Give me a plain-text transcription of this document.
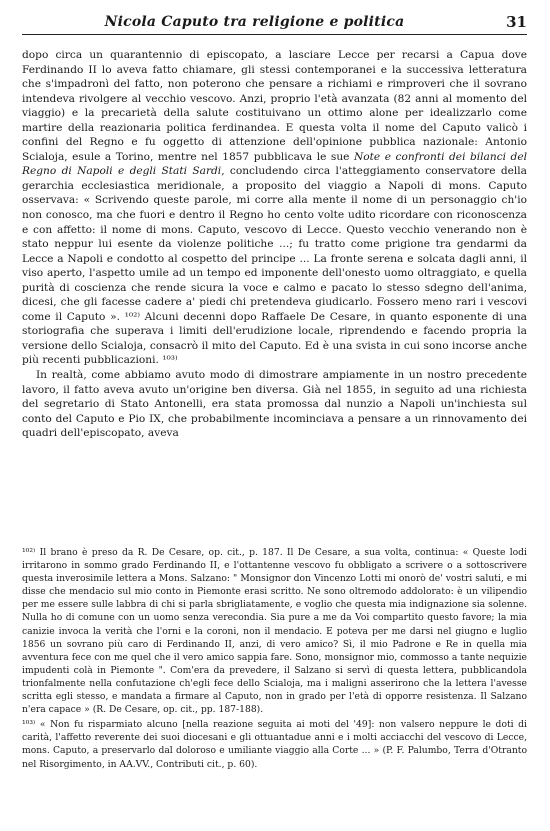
Nicola Caputo tra religione e politica	31

dopo circa un quarantennio di episcopato, a lasciare Lecce per recarsi a Capua dove Ferdinando II lo aveva fatto chiamare, gli stessi contemporanei e la successiva letteratura che s'impadronì del fatto, non poterono che pensare a richiami e rimproveri che il sovrano intendeva rivolgere al vecchio vescovo. Anzi, proprio l'età avanzata (82 anni al momento del viaggio) e la precarietà della salute costituivano un ottimo alone per idealizzarlo come martire della reazionaria politica ferdinandea. E questa volta il nome del Caputo valicò i confini del Regno e fu oggetto di attenzione dell'opinione pubblica nazionale: Antonio Scialoja, esule a Torino, mentre nel 1857 pubblicava le sue Note e confronti dei bilanci del Regno di Napoli e degli Stati Sardi, concludendo circa l'atteggiamento conservatore della gerarchia ecclesiastica meridionale, a proposito del viaggio a Napoli di mons. Caputo osservava: « Scrivendo queste parole, mi corre alla mente il nome di un personaggio ch'io non conosco, ma che fuori e dentro il Regno ho cento volte udito ricordare con riconoscenza e con affetto: il nome di mons. Caputo, vescovo di Lecce. Questo vecchio venerando non è stato neppur lui esente da violenze politiche ...; fu tratto come prigione tra gendarmi da Lecce a Napoli e condotto al cospetto del principe ... La fronte serena e solcata dagli anni, il viso aperto, l'aspetto umile ad un tempo ed imponente dell'onesto uomo oltraggiato, e quella purità di coscienza che rende sicura la voce e calmo e pacato lo stesso sdegno dell'anima, dicesi, che gli facesse cadere a' piedi chi pretendeva giudicarlo. Fossero meno rari i vescovi come il Caputo ». ¹⁰²⁾ Alcuni decenni dopo Raffaele De Cesare, in quanto esponente di una storiografia che superava i limiti dell'erudizione locale, riprendendo e facendo propria la versione dello Scialoja, consacrò il mito del Caputo. Ed è una svista in cui sono incorse anche più recenti pubblicazioni. ¹⁰³⁾

In realtà, come abbiamo avuto modo di dimostrare ampiamente in un nostro precedente lavoro, il fatto aveva avuto un'origine ben diversa. Già nel 1855, in seguito ad una richiesta del segretario di Stato Antonelli, era stata promossa dal nunzio a Napoli un'inchiesta sul conto del Caputo e Pio IX, che probabilmente incominciava a pensare a un rinnovamento dei quadri dell'episcopato, aveva

¹⁰²⁾ Il brano è preso da R. De Cesare, op. cit., p. 187. Il De Cesare, a sua volta, continua: « Queste lodi irritarono in sommo grado Ferdinando II, e l'ottantenne vescovo fu obbligato a scrivere o a sottoscrivere questa inverosimile lettera a Mons. Salzano: " Monsignor don Vincenzo Lotti mi onorò de' vostri saluti, e mi disse che mendacio sul mio conto in Piemonte erasi scritto. Ne sono oltremodo addolorato: è un vilipendio per me essere sulle labbra di chi si parla sbrigliatamente, e voglio che questa mia indignazione sia solenne. Nulla ho di comune con un uomo senza verecondia. Sia pure a me da Voi compartito questo favore; la mia canizie invoca la verità che l'orni e la coroni, non il mendacio. E poteva per me darsi nel giugno e luglio 1856 un sovrano più caro di Ferdinando II, anzi, di vero amico? Sì, il mio Padrone e Re in quella mia avventura fece con me quel che il vero amico sappia fare. Sono, monsignor mio, commosso a tante nequizie impudenti colà in Piemonte ". Com'era da prevedere, il Salzano si servì di questa lettera, pubblicandola trionfalmente nella confutazione ch'egli fece dello Scialoja, ma i maligni asserirono che la lettera l'avesse scritta egli stesso, e mandata a firmare al Caputo, non in grado per l'età di opporre resistenza. Il Salzano n'era capace » (R. De Cesare, op. cit., pp. 187-188).

¹⁰³⁾ « Non fu risparmiato alcuno [nella reazione seguita ai moti del '49]: non valsero neppure le doti di carità, l'affetto reverente dei suoi diocesani e gli ottuantadue anni e i molti acciacchi del vescovo di Lecce, mons. Caputo, a preservarlo dal doloroso e umiliante viaggio alla Corte ... » (P. F. Palumbo, Terra d'Otranto nel Risorgimento, in AA.VV., Contributi cit., p. 60).
